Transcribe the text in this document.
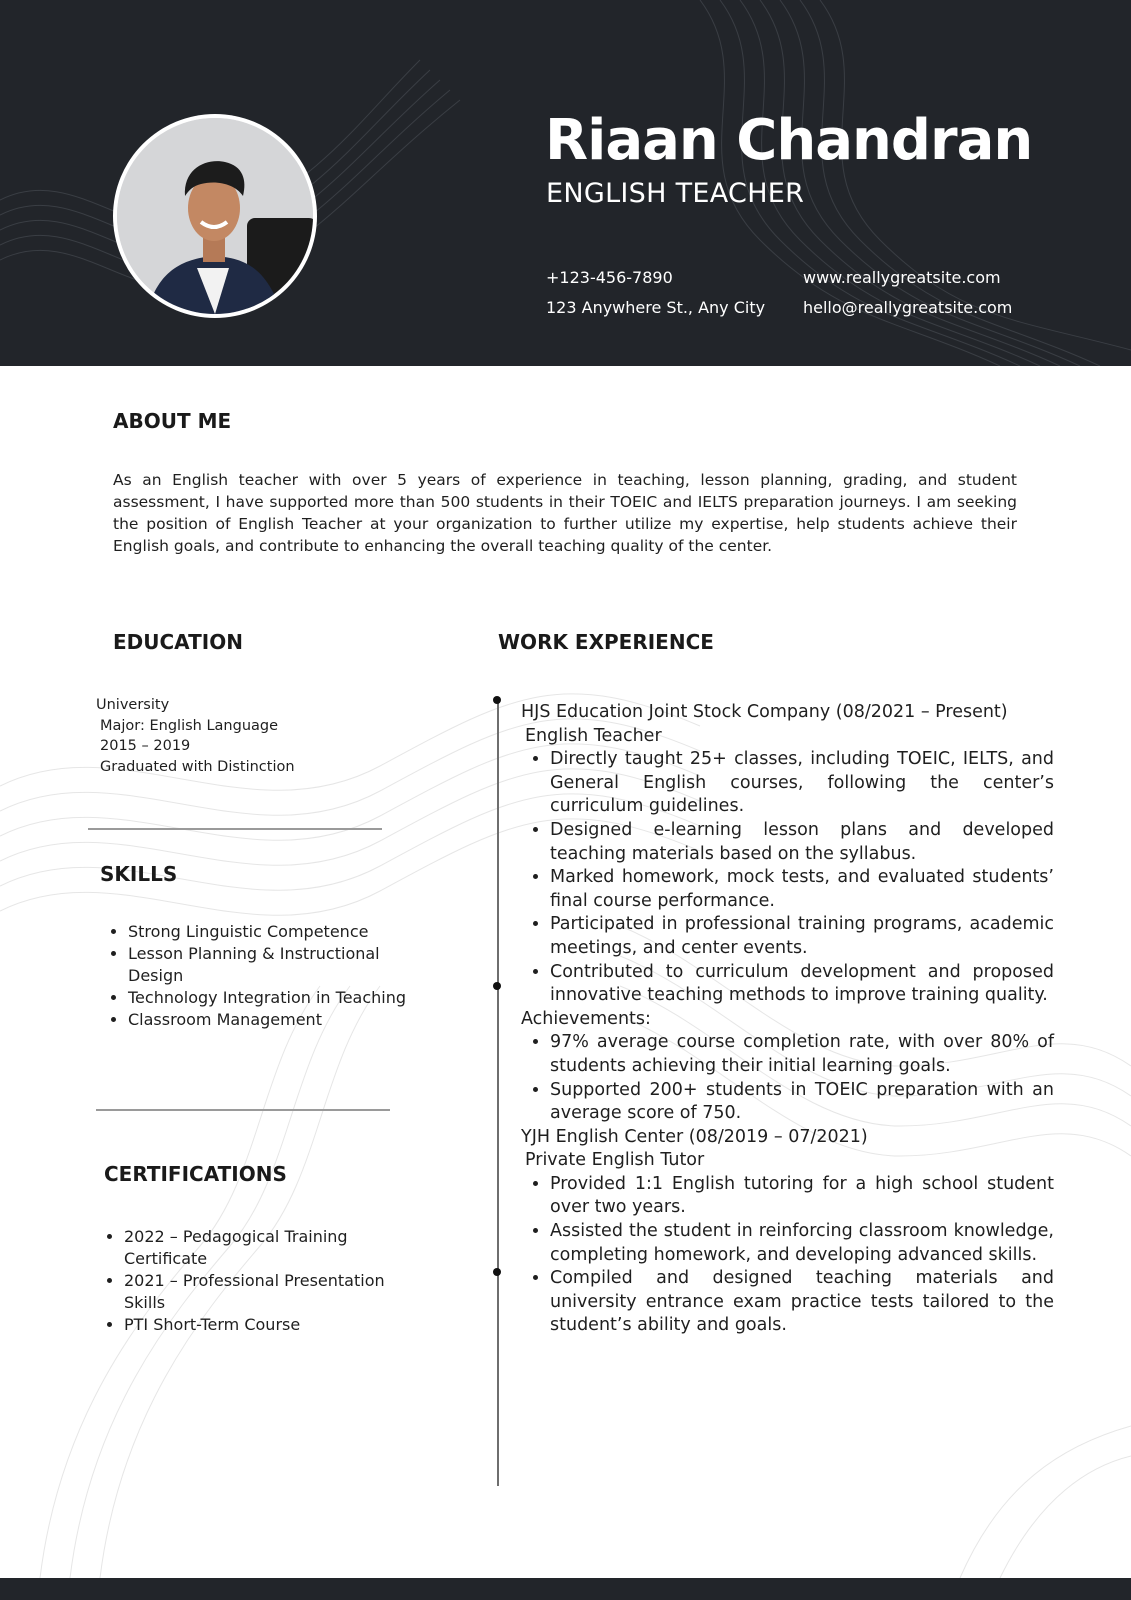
Riaan Chandran
ENGLISH TEACHER
+123-456-7890
123 Anywhere St., Any City
www.reallygreatsite.com
hello@reallygreatsite.com
ABOUT ME

As an English teacher with over 5 years of experience in teaching, lesson planning, grading, and student assessment, I have supported more than 500 students in their TOEIC and IELTS preparation journeys. I am seeking the position of English Teacher at your organization to further utilize my expertise, help students achieve their English goals, and contribute to enhancing the overall teaching quality of the center.

EDUCATION
University
Major: English Language
2015 – 2019
Graduated with Distinction
SKILLS
• Strong Linguistic Competence
• Lesson Planning & Instructional Design
• Technology Integration in Teaching
• Classroom Management
CERTIFICATIONS
• 2022 – Pedagogical Training Certificate
• 2021 – Professional Presentation Skills
• PTI Short-Term Course
WORK EXPERIENCE
HJS Education Joint Stock Company (08/2021 – Present)
English Teacher
• Directly taught 25+ classes, including TOEIC, IELTS, and General English courses, following the center’s curriculum guidelines.
• Designed e-learning lesson plans and developed teaching materials based on the syllabus.
• Marked homework, mock tests, and evaluated students’ final course performance.
• Participated in professional training programs, academic meetings, and center events.
• Contributed to curriculum development and proposed innovative teaching methods to improve training quality.
Achievements:
• 97% average course completion rate, with over 80% of students achieving their initial learning goals.
• Supported 200+ students in TOEIC preparation with an average score of 750.
YJH English Center (08/2019 – 07/2021)
Private English Tutor
• Provided 1:1 English tutoring for a high school student over two years.
• Assisted the student in reinforcing classroom knowledge, completing homework, and developing advanced skills.
• Compiled and designed teaching materials and university entrance exam practice tests tailored to the student’s ability and goals.
